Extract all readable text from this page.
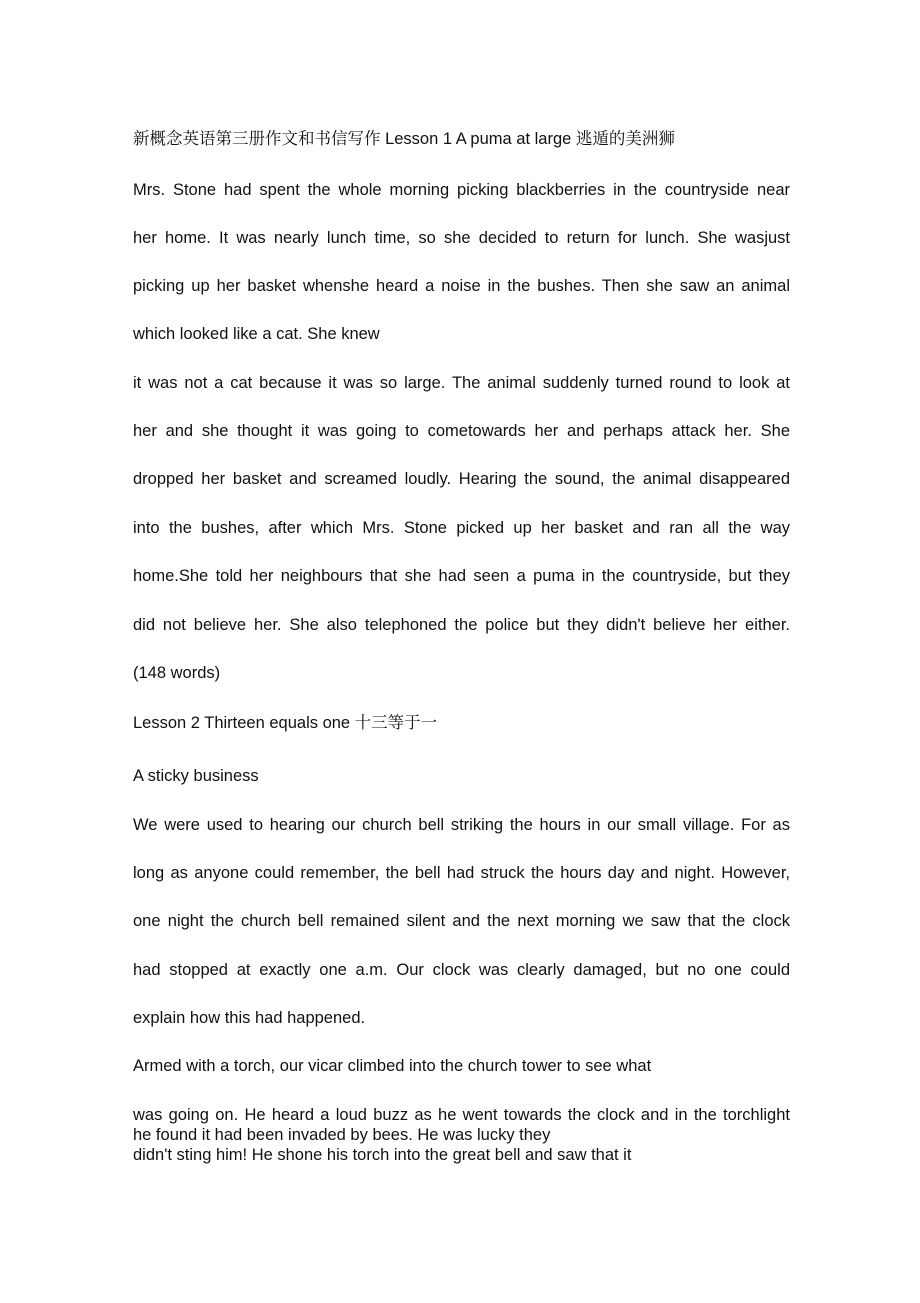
新概念英语第三册作文和书信写作 Lesson 1 A puma at large 逃遁的美洲狮

Mrs. Stone had spent the whole morning picking blackberries in the countryside near

her home. It was nearly lunch time, so she decided to return for lunch. She wasjust

picking up her basket whenshe heard a noise in the bushes. Then she saw an animal

which looked like a cat. She knew

it was not a cat because it was so large. The animal suddenly turned round to look at

her and she thought it was going to cometowards her and perhaps attack her. She

dropped her basket and screamed loudly. Hearing the sound, the animal disappeared

into the bushes, after which Mrs. Stone picked up her basket and ran all the way

home.She told her neighbours that she had seen a puma in the countryside, but they

did not believe her. She also telephoned the police but they didn't believe her either.

(148 words)

Lesson 2 Thirteen equals one 十三等于一

A sticky business

We were used to hearing our church bell striking the hours in our small village. For as

long as anyone could remember, the bell had struck the hours day and night. However,

one night the church bell remained silent and the next morning we saw that the clock

had stopped at exactly one a.m. Our clock was clearly damaged, but no one could

explain how this had happened.

Armed with a torch, our vicar climbed into the church tower to see what

was going on. He heard a loud buzz as he went towards the clock and in the torchlight

he found it had been invaded by bees. He was lucky they

didn't sting him! He shone his torch into the great bell and saw that it
